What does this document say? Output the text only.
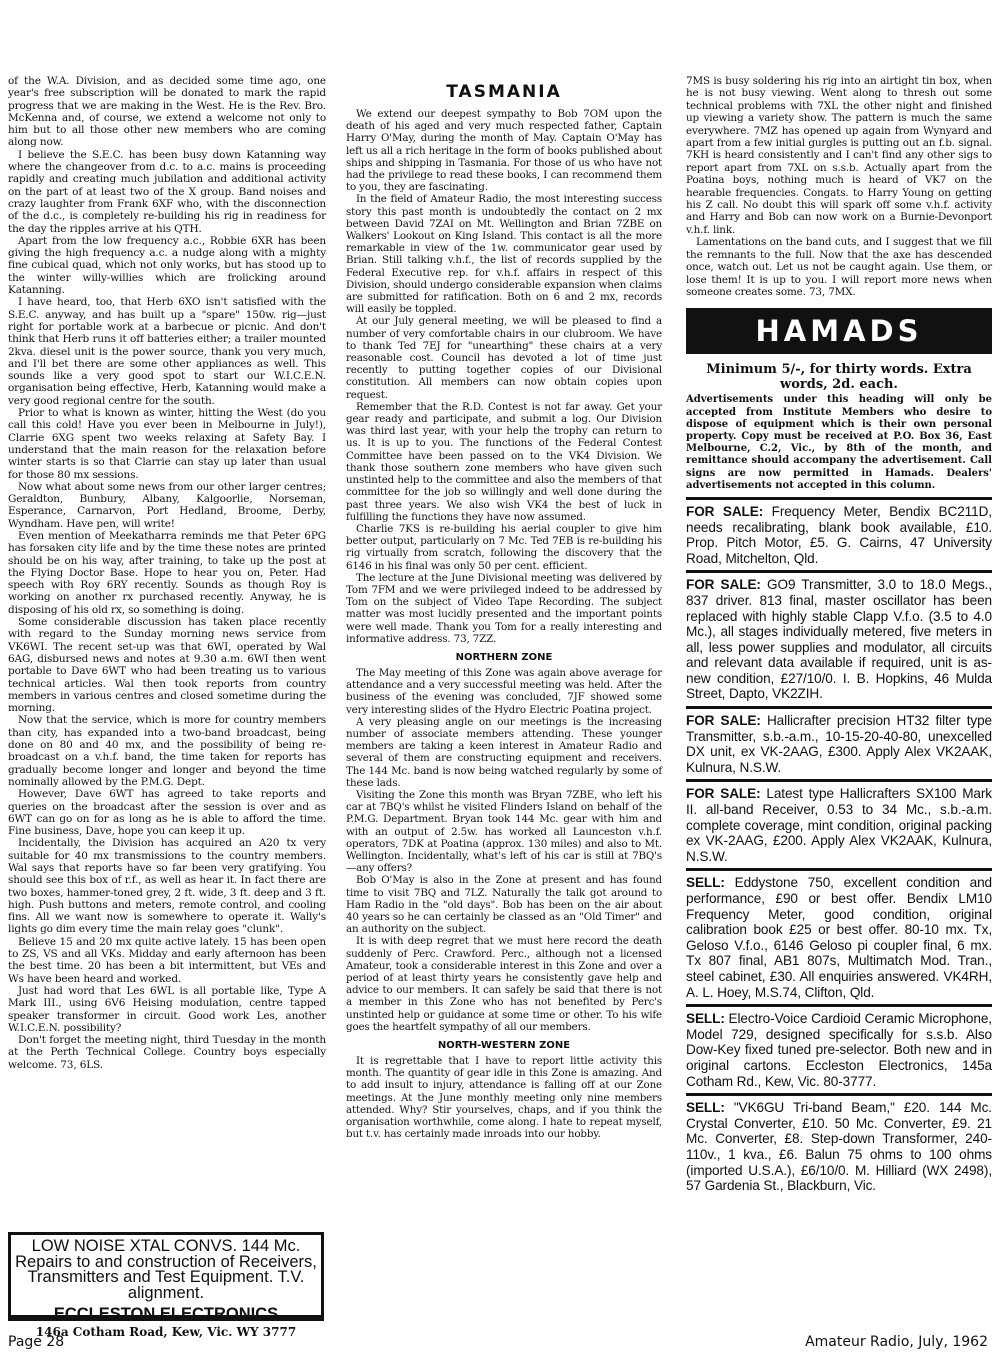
of the W.A. Division, and as decided some time ago, one year's free subscription will be donated to mark the rapid progress that we are making in the West. He is the Rev. Bro. McKenna and, of course, we extend a welcome not only to him but to all those other new members who are coming along now.

I believe the S.E.C. has been busy down Katanning way where the changeover from d.c. to a.c. mains is proceeding rapidly and creating much jubilation and additional activity on the part of at least two of the X group. Band noises and crazy laughter from Frank 6XF who, with the disconnection of the d.c., is completely re-building his rig in readiness for the day the ripples arrive at his QTH.

Apart from the low frequency a.c., Robbie 6XR has been giving the high frequency a.c. a nudge along with a mighty fine cubical quad, which not only works, but has stood up to the winter willy-willies which are frolicking around Katanning.

I have heard, too, that Herb 6XO isn't satisfied with the S.E.C. anyway, and has built up a "spare" 150w. rig—just right for portable work at a barbecue or picnic. And don't think that Herb runs it off batteries either; a trailer mounted 2kva. diesel unit is the power source, thank you very much, and I'll bet there are some other appliances as well. This sounds like a very good spot to start our W.I.C.E.N. organisation being effective, Herb, Katanning would make a very good regional centre for the south.

Prior to what is known as winter, hitting the West (do you call this cold! Have you ever been in Melbourne in July!), Clarrie 6XG spent two weeks relaxing at Safety Bay. I understand that the main reason for the relaxation before winter starts is so that Clarrie can stay up later than usual for those 80 mx sessions.

Now what about some news from our other larger centres; Geraldton, Bunbury, Albany, Kalgoorlie, Norseman, Esperance, Carnarvon, Port Hedland, Broome, Derby, Wyndham. Have pen, will write!

Even mention of Meekatharra reminds me that Peter 6PG has forsaken city life and by the time these notes are printed should be on his way, after training, to take up the post at the Flying Doctor Base. Hope to hear you on, Peter. Had speech with Roy 6RY recently. Sounds as though Roy is working on another rx purchased recently. Anyway, he is disposing of his old rx, so something is doing.

Some considerable discussion has taken place recently with regard to the Sunday morning news service from VK6WI. The recent set-up was that 6WI, operated by Wal 6AG, disbursed news and notes at 9.30 a.m. 6WI then went portable to Dave 6WT who had been treating us to various technical articles. Wal then took reports from country members in various centres and closed sometime during the morning.

Now that the service, which is more for country members than city, has expanded into a two-band broadcast, being done on 80 and 40 mx, and the possibility of being re-broadcast on a v.h.f. band, the time taken for reports has gradually become longer and longer and beyond the time nominally allowed by the P.M.G. Dept.

However, Dave 6WT has agreed to take reports and queries on the broadcast after the session is over and as 6WT can go on for as long as he is able to afford the time. Fine business, Dave, hope you can keep it up.

Incidentally, the Division has acquired an A20 tx very suitable for 40 mx transmissions to the country members. Wal says that reports have so far been very gratifying. You should see this box of r.f., as well as hear it. In fact there are two boxes, hammer-toned grey, 2 ft. wide, 3 ft. deep and 3 ft. high. Push buttons and meters, remote control, and cooling fins. All we want now is somewhere to operate it. Wally's lights go dim every time the main relay goes "clunk".

Believe 15 and 20 mx quite active lately. 15 has been open to ZS, VS and all VKs. Midday and early afternoon has been the best time. 20 has been a bit intermittent, but VEs and Ws have been heard and worked.

Just had word that Les 6WL is all portable like, Type A Mark III., using 6V6 Heising modulation, centre tapped speaker transformer in circuit. Good work Les, another W.I.C.E.N. possibility?

Don't forget the meeting night, third Tuesday in the month at the Perth Technical College. Country boys especially welcome. 73, 6LS.

LOW NOISE XTAL CONVS. 144 Mc. Repairs to and construction of Receivers, Transmitters and Test Equipment. T.V. alignment.
ECCLESTON ELECTRONICS
146a Cotham Road, Kew, Vic. WY 3777
TASMANIA

We extend our deepest sympathy to Bob 7OM upon the death of his aged and very much respected father, Captain Harry O'May, during the month of May. Captain O'May has left us all a rich heritage in the form of books published about ships and shipping in Tasmania. For those of us who have not had the privilege to read these books, I can recommend them to you, they are fascinating.

In the field of Amateur Radio, the most interesting success story this past month is undoubtedly the contact on 2 mx between David 7ZAI on Mt. Wellington and Brian 7ZBE on Walkers' Lookout on King Island. This contact is all the more remarkable in view of the 1w. communicator gear used by Brian. Still talking v.h.f., the list of records supplied by the Federal Executive rep. for v.h.f. affairs in respect of this Division, should undergo considerable expansion when claims are submitted for ratification. Both on 6 and 2 mx, records will easily be toppled.

At our July general meeting, we will be pleased to find a number of very comfortable chairs in our clubroom. We have to thank Ted 7EJ for "unearthing" these chairs at a very reasonable cost. Council has devoted a lot of time just recently to putting together copies of our Divisional constitution. All members can now obtain copies upon request.

Remember that the R.D. Contest is not far away. Get your gear ready and participate, and submit a log. Our Division was third last year, with your help the trophy can return to us. It is up to you. The functions of the Federal Contest Committee have been passed on to the VK4 Division. We thank those southern zone members who have given such unstinted help to the committee and also the members of that committee for the job so willingly and well done during the past three years. We also wish VK4 the best of luck in fulfilling the functions they have now assumed.

Charlie 7KS is re-building his aerial coupler to give him better output, particularly on 7 Mc. Ted 7EB is re-building his rig virtually from scratch, following the discovery that the 6146 in his final was only 50 per cent. efficient.

The lecture at the June Divisional meeting was delivered by Tom 7FM and we were privileged indeed to be addressed by Tom on the subject of Video Tape Recording. The subject matter was most lucidly presented and the important points were well made. Thank you Tom for a really interesting and informative address. 73, 7ZZ.

NORTHERN ZONE

The May meeting of this Zone was again above average for attendance and a very successful meeting was held. After the business of the evening was concluded, 7JF showed some very interesting slides of the Hydro Electric Poatina project.

A very pleasing angle on our meetings is the increasing number of associate members attending. These younger members are taking a keen interest in Amateur Radio and several of them are constructing equipment and receivers. The 144 Mc. band is now being watched regularly by some of these lads.

Visiting the Zone this month was Bryan 7ZBE, who left his car at 7BQ's whilst he visited Flinders Island on behalf of the P.M.G. Department. Bryan took 144 Mc. gear with him and with an output of 2.5w. has worked all Launceston v.h.f. operators, 7DK at Poatina (approx. 130 miles) and also to Mt. Wellington. Incidentally, what's left of his car is still at 7BQ's—any offers?

Bob O'May is also in the Zone at present and has found time to visit 7BQ and 7LZ. Naturally the talk got around to Ham Radio in the "old days". Bob has been on the air about 40 years so he can certainly be classed as an "Old Timer" and an authority on the subject.

It is with deep regret that we must here record the death suddenly of Perc. Crawford. Perc., although not a licensed Amateur, took a considerable interest in this Zone and over a period of at least thirty years he consistently gave help and advice to our members. It can safely be said that there is not a member in this Zone who has not benefited by Perc's unstinted help or guidance at some time or other. To his wife goes the heartfelt sympathy of all our members.

NORTH-WESTERN ZONE

It is regrettable that I have to report little activity this month. The quantity of gear idle in this Zone is amazing. And to add insult to injury, attendance is falling off at our Zone meetings. At the June monthly meeting only nine members attended. Why? Stir yourselves, chaps, and if you think the organisation worthwhile, come along. I hate to repeat myself, but t.v. has certainly made inroads into our hobby.

7MS is busy soldering his rig into an airtight tin box, when he is not busy viewing. Went along to thresh out some technical problems with 7XL the other night and finished up viewing a variety show. The pattern is much the same everywhere. 7MZ has opened up again from Wynyard and apart from a few initial gurgles is putting out an f.b. signal. 7KH is heard consistently and I can't find any other sigs to report apart from 7XL on s.s.b. Actually apart from the Poatina boys, nothing much is heard of VK7 on the hearable frequencies. Congats. to Harry Young on getting his Z call. No doubt this will spark off some v.h.f. activity and Harry and Bob can now work on a Burnie-Devonport v.h.f. link.

Lamentations on the band cuts, and I suggest that we fill the remnants to the full. Now that the axe has descended once, watch out. Let us not be caught again. Use them, or lose them! It is up to you. I will report more news when someone creates some. 73, 7MX.

HAMADS
Minimum 5/-, for thirty words. Extra words, 2d. each.
Advertisements under this heading will only be accepted from Institute Members who desire to dispose of equipment which is their own personal property. Copy must be received at P.O. Box 36, East Melbourne, C.2, Vic., by 8th of the month, and remittance should accompany the advertisement. Call signs are now permitted in Hamads. Dealers' advertisements not accepted in this column.
FOR SALE: Frequency Meter, Bendix BC211D, needs recalibrating, blank book available, £10. Prop. Pitch Motor, £5. G. Cairns, 47 University Road, Mitchelton, Qld.
FOR SALE: GO9 Transmitter, 3.0 to 18.0 Megs., 837 driver. 813 final, master oscillator has been replaced with highly stable Clapp V.f.o. (3.5 to 4.0 Mc.), all stages individually metered, five meters in all, less power supplies and modulator, all circuits and relevant data available if required, unit is as-new condition, £27/10/0. I. B. Hopkins, 46 Mulda Street, Dapto, VK2ZIH.
FOR SALE: Hallicrafter precision HT32 filter type Transmitter, s.b.-a.m., 10-15-20-40-80, unexcelled DX unit, ex VK-2AAG, £300. Apply Alex VK2AAK, Kulnura, N.S.W.
FOR SALE: Latest type Hallicrafters SX100 Mark II. all-band Receiver, 0.53 to 34 Mc., s.b.-a.m. complete coverage, mint condition, original packing ex VK-2AAG, £200. Apply Alex VK2AAK, Kulnura, N.S.W.
SELL: Eddystone 750, excellent condition and performance, £90 or best offer. Bendix LM10 Frequency Meter, good condition, original calibration book £25 or best offer. 80-10 mx. Tx, Geloso V.f.o., 6146 Geloso pi coupler final, 6 mx. Tx 807 final, AB1 807s, Multimatch Mod. Tran., steel cabinet, £30. All enquiries answered. VK4RH, A. L. Hoey, M.S.74, Clifton, Qld.
SELL: Electro-Voice Cardioid Ceramic Microphone, Model 729, designed specifically for s.s.b. Also Dow-Key fixed tuned pre-selector. Both new and in original cartons. Eccleston Electronics, 145a Cotham Rd., Kew, Vic. 80-3777.
SELL: "VK6GU Tri-band Beam," £20. 144 Mc. Crystal Converter, £10. 50 Mc. Converter, £9. 21 Mc. Converter, £8. Step-down Transformer, 240-110v., 1 kva., £6. Balun 75 ohms to 100 ohms (imported U.S.A.), £6/10/0. M. Hilliard (WX 2498), 57 Gardenia St., Blackburn, Vic.
Page 28	Amateur Radio, July, 1962
